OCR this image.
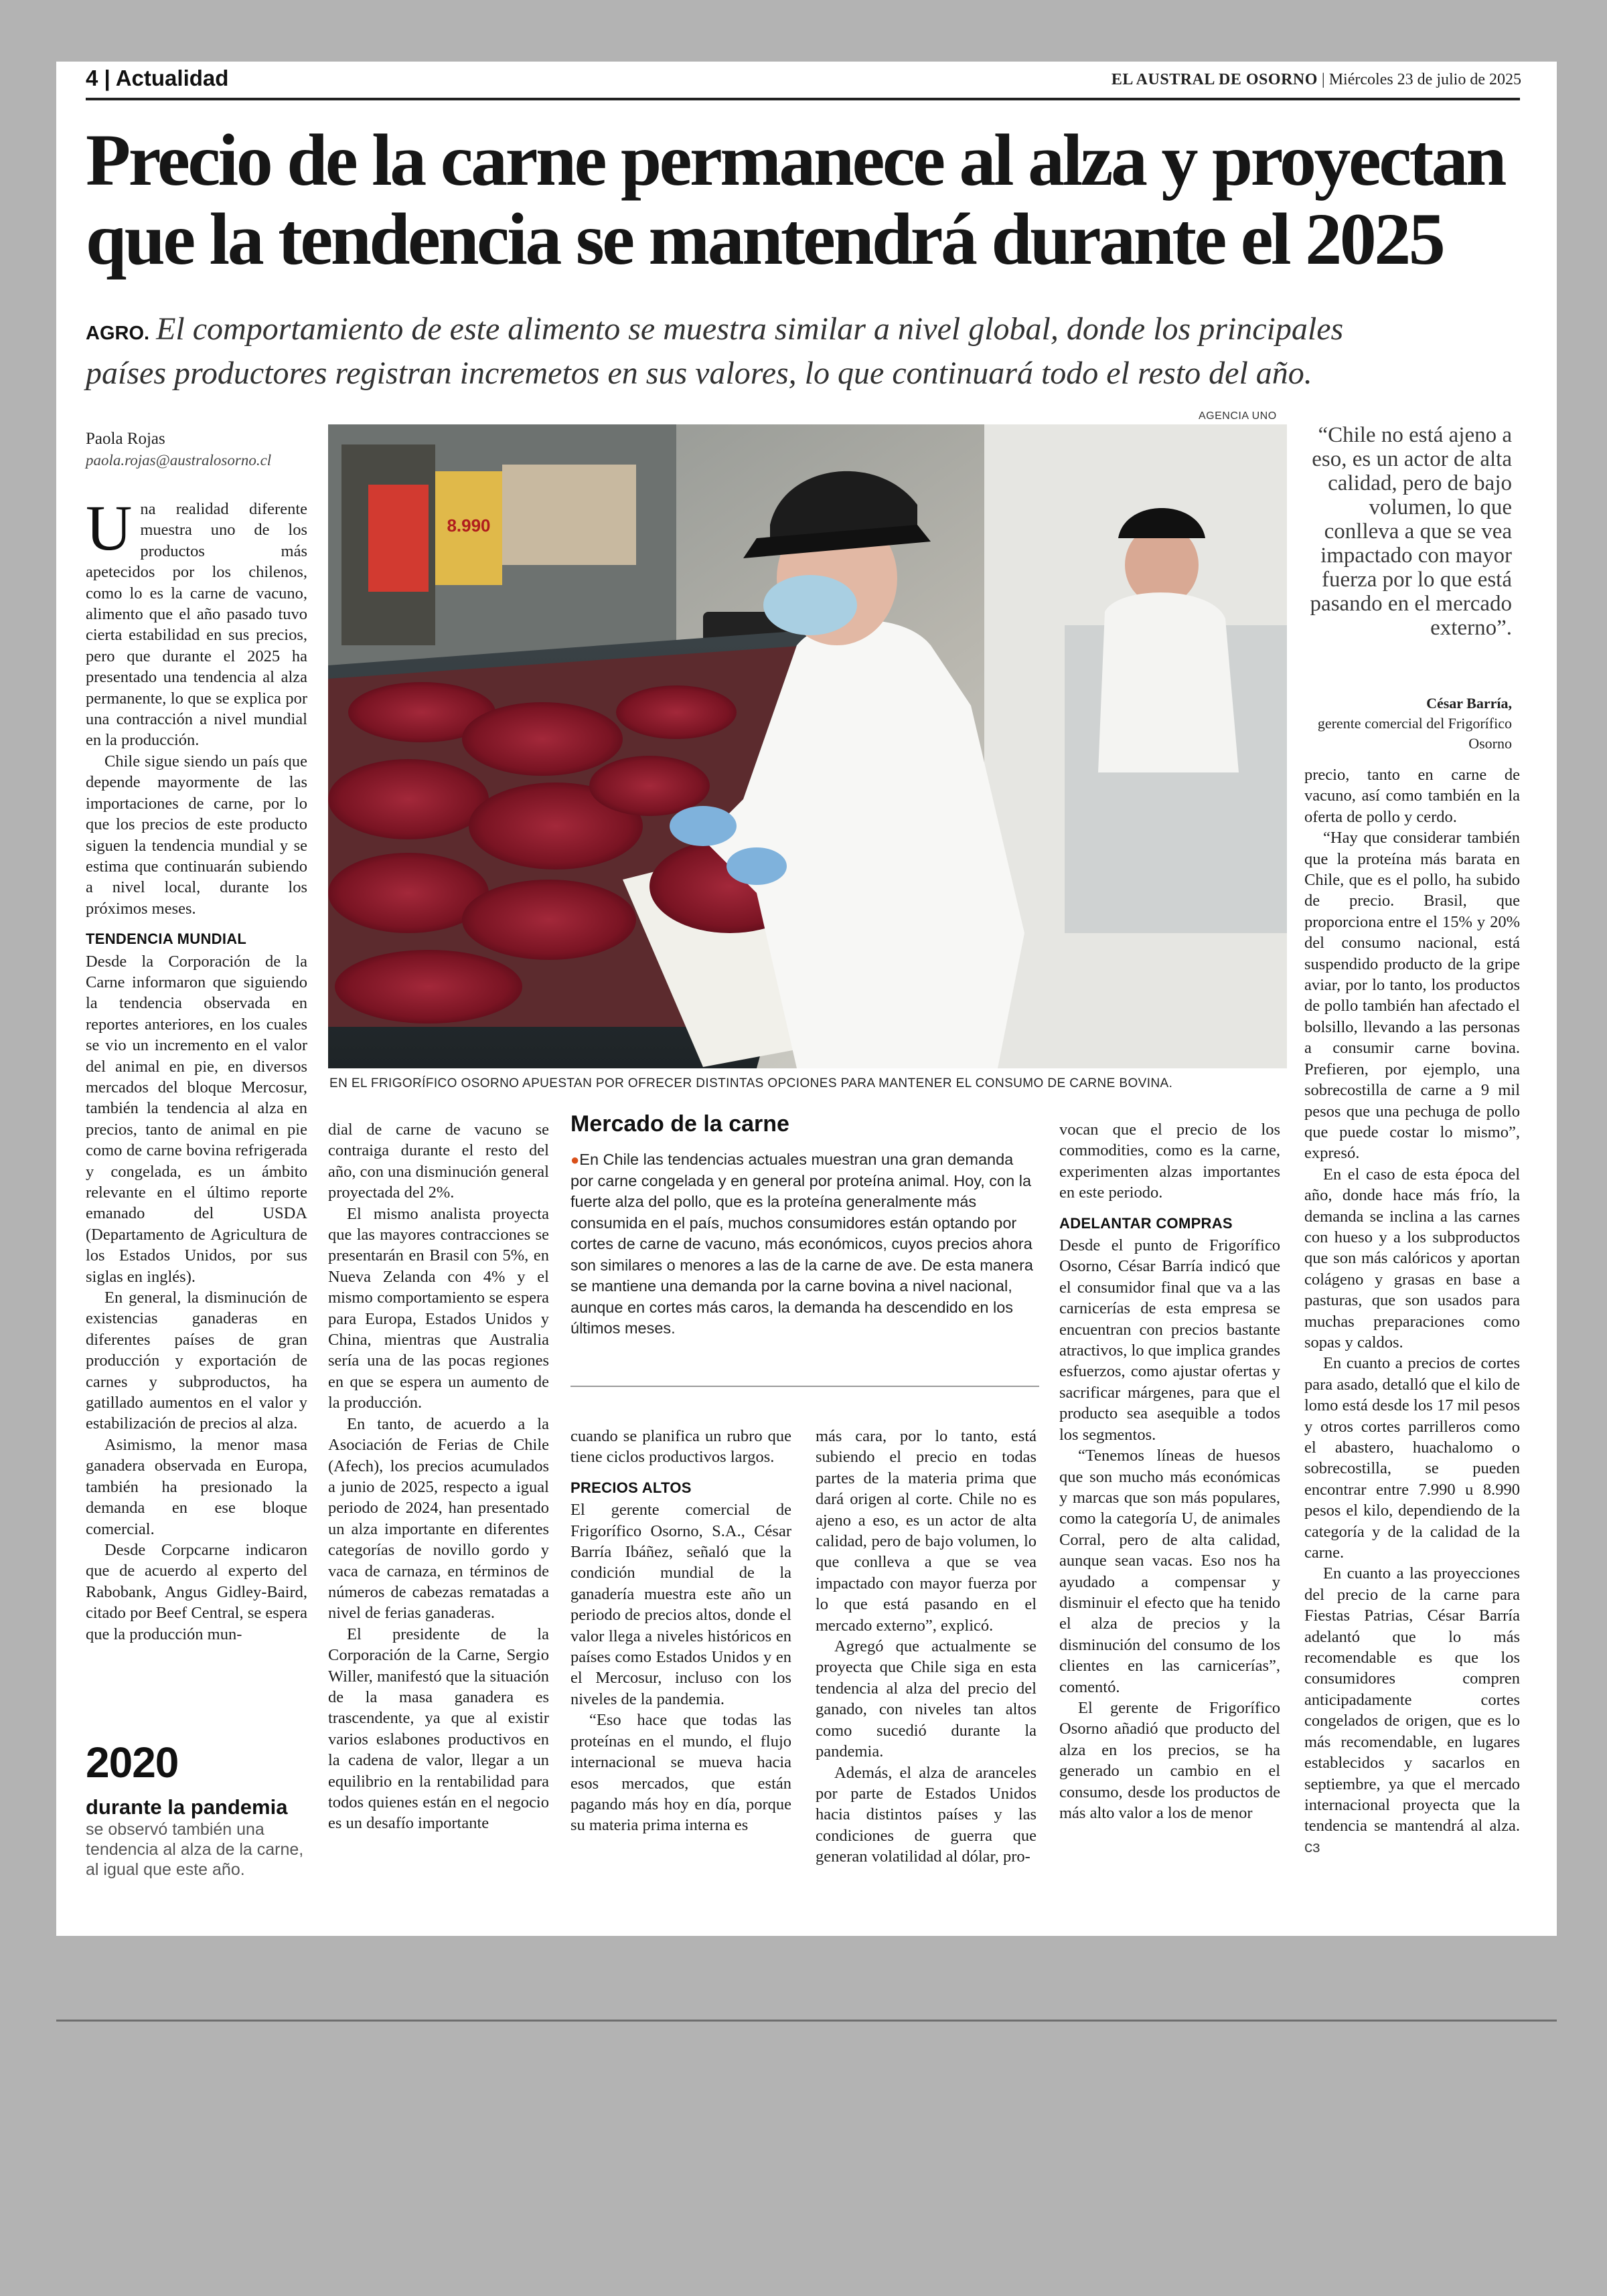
4 | Actualidad	EL AUSTRAL DE OSORNO | Miércoles 23 de julio de 2025
Precio de la carne permanece al alza y proyectan
que la tendencia se mantendrá durante el 2025
AGRO. El comportamiento de este alimento se muestra similar a nivel global, donde los principales
países productores registran incremetos en sus valores, lo que continuará todo el resto del año.
Paola Rojas
paola.rojas@australosorno.cl

Una realidad diferente muestra uno de los productos más apetecidos por los chilenos, como lo es la carne de vacuno, alimento que el año pasado tuvo cierta estabilidad en sus precios, pero que durante el 2025 ha presentado una tendencia al alza permanente, lo que se explica por una contracción a nivel mundial en la producción.

Chile sigue siendo un país que depende mayormente de las importaciones de carne, por lo que los precios de este producto siguen la tendencia mundial y se estima que continuarán subiendo a nivel local, durante los próximos meses.

TENDENCIA MUNDIAL

Desde la Corporación de la Carne informaron que siguiendo la tendencia observada en reportes anteriores, en los cuales se vio un incremento en el valor del animal en pie, en diversos mercados del bloque Mercosur, también la tendencia al alza en precios, tanto de animal en pie como de carne bovina refrigerada y congelada, es un ámbito relevante en el último reporte emanado del USDA (Departamento de Agricultura de los Estados Unidos, por sus siglas en inglés).

En general, la disminución de existencias ganaderas en diferentes países de gran producción y exportación de carnes y subproductos, ha gatillado aumentos en el valor y estabilización de precios al alza.

Asimismo, la menor masa ganadera observada en Europa, también ha presionado la demanda en ese bloque comercial.

Desde Corpcarne indicaron que de acuerdo al experto del Rabobank, Angus Gidley-Baird, citado por Beef Central, se espera que la producción mun-

2020
durante la pandemia
se observó también una tendencia al alza de la carne, al igual que este año.
AGENCIA UNO
8.990
EN EL FRIGORÍFICO OSORNO APUESTAN POR OFRECER DISTINTAS OPCIONES PARA MANTENER EL CONSUMO DE CARNE BOVINA.
“Chile no está ajeno a eso, es un actor de alta calidad, pero de bajo volumen, lo que conlleva a que se vea impactado con mayor fuerza por lo que está pasando en el mercado externo”.
César Barría,
gerente comercial del Frigorífico Osorno

dial de carne de vacuno se contraiga durante el resto del año, con una disminución general proyectada del 2%.

El mismo analista proyecta que las mayores contracciones se presentarán en Brasil con 5%, en Nueva Zelanda con 4% y el mismo comportamiento se espera para Europa, Estados Unidos y China, mientras que Australia sería una de las pocas regiones en que se espera un aumento de la producción.

En tanto, de acuerdo a la Asociación de Ferias de Chile (Afech), los precios acumulados a junio de 2025, respecto a igual periodo de 2024, han presentado un alza importante en diferentes categorías de novillo gordo y vaca de carnaza, en términos de números de cabezas rematadas a nivel de ferias ganaderas.

El presidente de la Corporación de la Carne, Sergio Willer, manifestó que la situación de la masa ganadera es trascendente, ya que al existir varios eslabones productivos en la cadena de valor, llegar a un equilibrio en la rentabilidad para todos quienes están en el negocio es un desafío importante

Mercado de la carne
●En Chile las tendencias actuales muestran una gran demanda por carne congelada y en general por proteína animal. Hoy, con la fuerte alza del pollo, que es la proteína generalmente más consumida en el país, muchos consumidores están optando por cortes de carne de vacuno, más económicos, cuyos precios ahora son similares o menores a las de la carne de ave. De esta manera se mantiene una demanda por la carne bovina a nivel nacional, aunque en cortes más caros, la demanda ha descendido en los últimos meses.

cuando se planifica un rubro que tiene ciclos productivos largos.

PRECIOS ALTOS

El gerente comercial de Frigorífico Osorno, S.A., César Barría Ibáñez, señaló que la condición mundial de la ganadería muestra este año un periodo de precios altos, donde el valor llega a niveles históricos en países como Estados Unidos y en el Mercosur, incluso con los niveles de la pandemia.

“Eso hace que todas las proteínas en el mundo, el flujo internacional se mueva hacia esos mercados, que están pagando más hoy en día, porque su materia prima interna es

más cara, por lo tanto, está subiendo el precio en todas partes de la materia prima que dará origen al corte. Chile no es ajeno a eso, es un actor de alta calidad, pero de bajo volumen, lo que conlleva a que se vea impactado con mayor fuerza por lo que está pasando en el mercado externo”, explicó.

Agregó que actualmente se proyecta que Chile siga en esta tendencia al alza del precio del ganado, con niveles tan altos como sucedió durante la pandemia.

Además, el alza de aranceles por parte de Estados Unidos hacia distintos países y las condiciones de guerra que generan volatilidad al dólar, pro-

vocan que el precio de los commodities, como es la carne, experimenten alzas importantes en este periodo.

ADELANTAR COMPRAS

Desde el punto de Frigorífico Osorno, César Barría indicó que el consumidor final que va a las carnicerías de esta empresa se encuentran con precios bastante atractivos, lo que implica grandes esfuerzos, como ajustar ofertas y sacrificar márgenes, para que el producto sea asequible a todos los segmentos.

“Tenemos líneas de huesos que son mucho más económicas y marcas que son más populares, como la categoría U, de animales Corral, pero de alta calidad, aunque sean vacas. Eso nos ha ayudado a compensar y disminuir el efecto que ha tenido el alza de precios y la disminución del consumo de los clientes en las carnicerías”, comentó.

El gerente de Frigorífico Osorno añadió que producto del alza en los precios, se ha generado un cambio en el consumo, desde los productos de más alto valor a los de menor

precio, tanto en carne de vacuno, así como también en la oferta de pollo y cerdo.

“Hay que considerar también que la proteína más barata en Chile, que es el pollo, ha subido de precio. Brasil, que proporciona entre el 15% y 20% del consumo nacional, está suspendido producto de la gripe aviar, por lo tanto, los productos de pollo también han afectado el bolsillo, llevando a las personas a consumir carne bovina. Prefieren, por ejemplo, una sobrecostilla de carne a 9 mil pesos que una pechuga de pollo que puede costar lo mismo”, expresó.

En el caso de esta época del año, donde hace más frío, la demanda se inclina a las carnes con hueso y a los subproductos que son más calóricos y aportan colágeno y grasas en base a pasturas, que son usados para muchas preparaciones como sopas y caldos.

En cuanto a precios de cortes para asado, detalló que el kilo de lomo está desde los 17 mil pesos y otros cortes parrilleros como el abastero, huachalomo o sobrecostilla, se pueden encontrar entre 7.990 u 8.990 pesos el kilo, dependiendo de la categoría y de la calidad de la carne.

En cuanto a las proyecciones del precio de la carne para Fiestas Patrias, César Barría adelantó que lo más recomendable es que los consumidores compren anticipadamente cortes congelados de origen, que es lo más recomendable, en lugares establecidos y sacarlos en septiembre, ya que el mercado internacional proyecta que la tendencia se mantendrá al alza. ᴄɜ
